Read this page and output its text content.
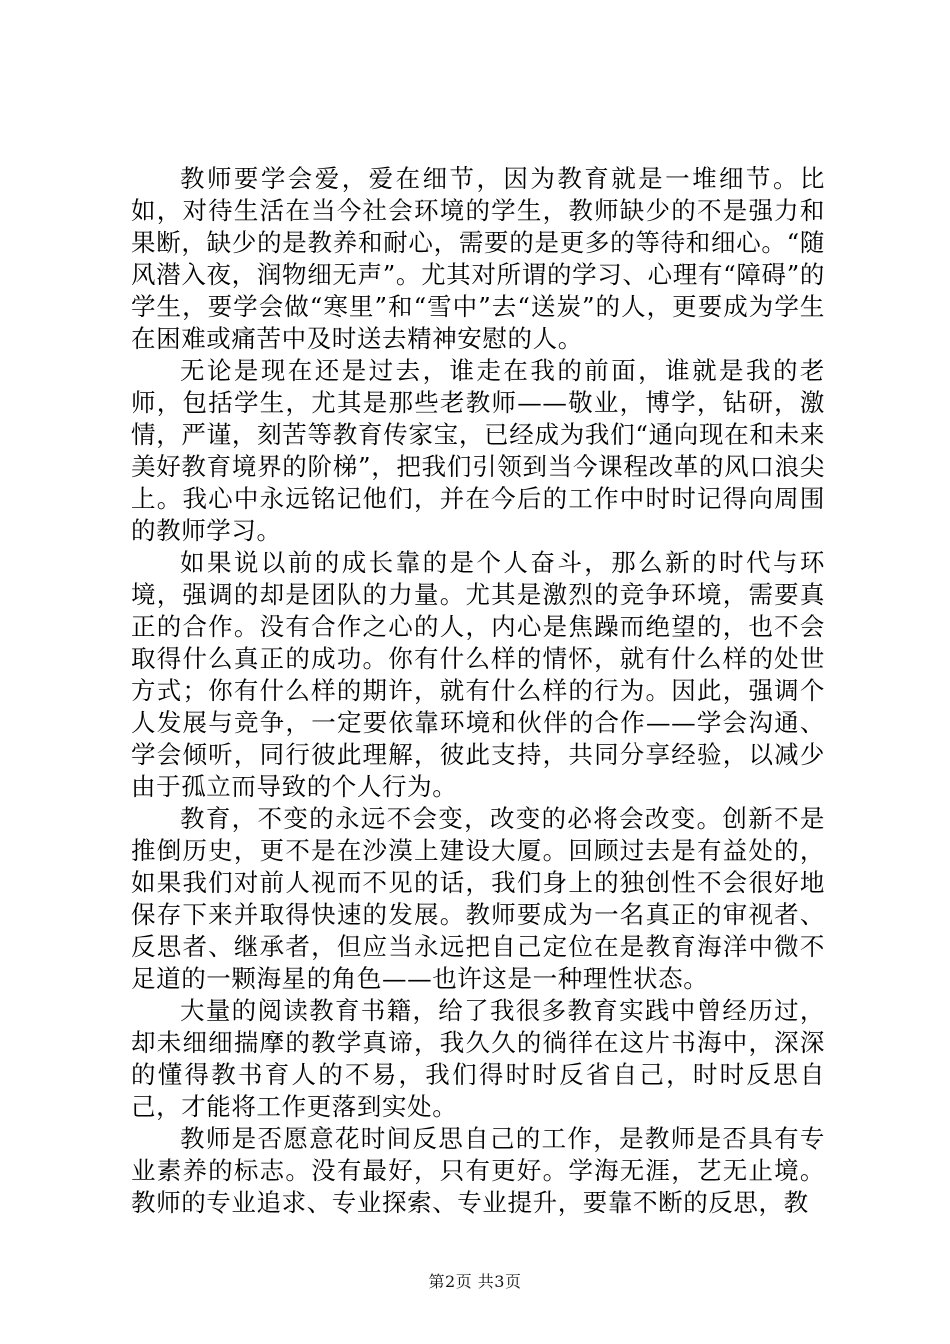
教师要学会爱，爱在细节，因为教育就是一堆细节。比如，对待生活在当今社会环境的学生，教师缺少的不是强力和果断，缺少的是教养和耐心，需要的是更多的等待和细心。“随风潜入夜，润物细无声”。尤其对所谓的学习、心理有“障碍”的学生，要学会做“寒里”和“雪中”去“送炭”的人，更要成为学生在困难或痛苦中及时送去精神安慰的人。

无论是现在还是过去，谁走在我的前面，谁就是我的老师，包括学生，尤其是那些老教师——敬业，博学，钻研，激情，严谨，刻苦等教育传家宝，已经成为我们“通向现在和未来美好教育境界的阶梯”，把我们引领到当今课程改革的风口浪尖上。我心中永远铭记他们，并在今后的工作中时时记得向周围的教师学习。

如果说以前的成长靠的是个人奋斗，那么新的时代与环境，强调的却是团队的力量。尤其是激烈的竞争环境，需要真正的合作。没有合作之心的人，内心是焦躁而绝望的，也不会取得什么真正的成功。你有什么样的情怀，就有什么样的处世方式；你有什么样的期许，就有什么样的行为。因此，强调个人发展与竞争，一定要依靠环境和伙伴的合作——学会沟通、学会倾听，同行彼此理解，彼此支持，共同分享经验，以减少由于孤立而导致的个人行为。

教育，不变的永远不会变，改变的必将会改变。创新不是推倒历史，更不是在沙漠上建设大厦。回顾过去是有益处的，如果我们对前人视而不见的话，我们身上的独创性不会很好地保存下来并取得快速的发展。教师要成为一名真正的审视者、反思者、继承者，但应当永远把自己定位在是教育海洋中微不足道的一颗海星的角色——也许这是一种理性状态。

大量的阅读教育书籍，给了我很多教育实践中曾经历过，却未细细揣摩的教学真谛，我久久的徜徉在这片书海中，深深的懂得教书育人的不易，我们得时时反省自己，时时反思自己，才能将工作更落到实处。

教师是否愿意花时间反思自己的工作，是教师是否具有专业素养的标志。没有最好，只有更好。学海无涯，艺无止境。教师的专业追求、专业探索、专业提升，要靠不断的反思，教

第2页 共3页
